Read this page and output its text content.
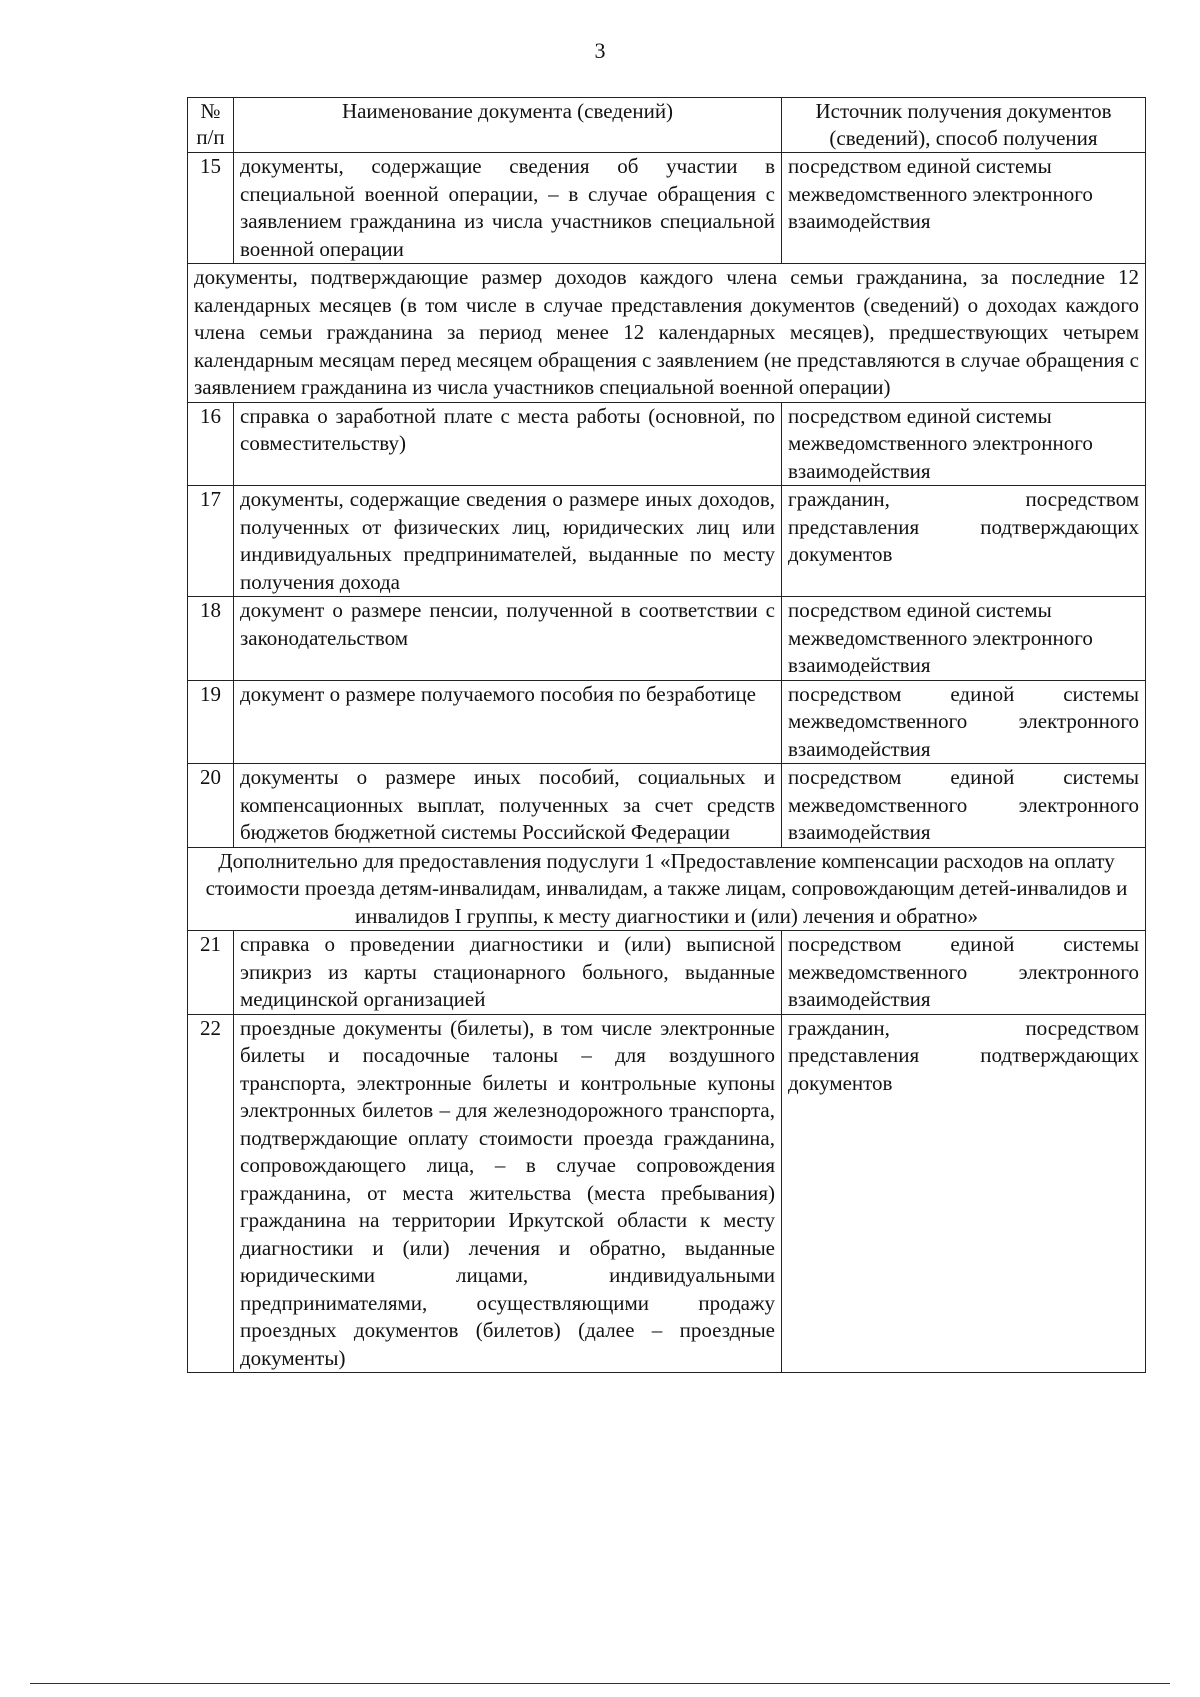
3
№ п/п	Наименование документа (сведений)	Источник получения документов (сведений), способ получения
15	документы, содержащие сведения об участии в специальной военной операции, – в случае обращения с заявлением гражданина из числа участников специальной военной операции	посредством единой системы межведомственного электронного взаимодействия
документы, подтверждающие размер доходов каждого члена семьи гражданина, за последние 12 календарных месяцев (в том числе в случае представления документов (сведений) о доходах каждого члена семьи гражданина за период менее 12 календарных месяцев), предшествующих четырем календарным месяцам перед месяцем обращения с заявлением (не представляются в случае обращения с заявлением гражданина из числа участников специальной военной операции)		
16	справка о заработной плате с места работы (основной, по совместительству)	посредством единой системы межведомственного электронного взаимодействия
17	документы, содержащие сведения о размере иных доходов, полученных от физических лиц, юридических лиц или индивидуальных предпринимателей, выданные по месту получения дохода	гражданин, посредством представления подтверждающих документов
18	документ о размере пенсии, полученной в соответствии с законодательством	посредством единой системы межведомственного электронного взаимодействия
19	документ о размере получаемого пособия по безработице	посредством единой системы межведомственного электронного взаимодействия
20	документы о размере иных пособий, социальных и компенсационных выплат, полученных за счет средств бюджетов бюджетной системы Российской Федерации	посредством единой системы межведомственного электронного взаимодействия
Дополнительно для предоставления подуслуги 1 «Предоставление компенсации расходов на оплату стоимости проезда детям-инвалидам, инвалидам, а также лицам, сопровождающим детей-инвалидов и инвалидов I группы, к месту диагностики и (или) лечения и обратно»		
21	справка о проведении диагностики и (или) выписной эпикриз из карты стационарного больного, выданные медицинской организацией	посредством единой системы межведомственного электронного взаимодействия
22	проездные документы (билеты), в том числе электронные билеты и посадочные талоны – для воздушного транспорта, электронные билеты и контрольные купоны электронных билетов – для железнодорожного транспорта, подтверждающие оплату стоимости проезда гражданина, сопровождающего лица, – в случае сопровождения гражданина, от места жительства (места пребывания) гражданина на территории Иркутской области к месту диагностики и (или) лечения и обратно, выданные юридическими лицами, индивидуальными предпринимателями, осуществляющими продажу проездных документов (билетов) (далее – проездные документы)	гражданин, посредством представления подтверждающих документов
